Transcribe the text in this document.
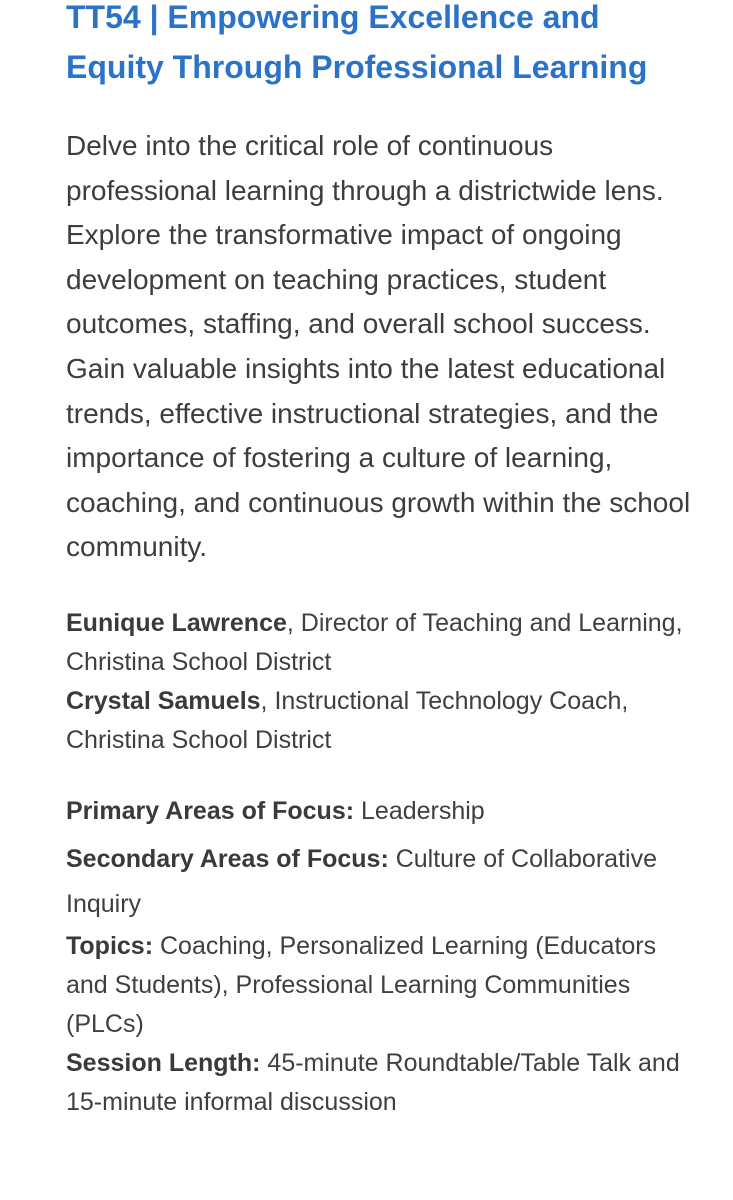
TT54 | Empowering Excellence and Equity Through Professional Learning

Delve into the critical role of continuous professional learning through a districtwide lens. Explore the transformative impact of ongoing development on teaching practices, student outcomes, staffing, and overall school success. Gain valuable insights into the latest educational trends, effective instructional strategies, and the importance of fostering a culture of learning, coaching, and continuous growth within the school community.

Eunique Lawrence, Director of Teaching and Learning, Christina School District
Crystal Samuels, Instructional Technology Coach, Christina School District
Primary Areas of Focus: Leadership
Secondary Areas of Focus: Culture of Collaborative Inquiry
Topics: Coaching, Personalized Learning (Educators and Students), Professional Learning Communities (PLCs)
Session Length: 45-minute Roundtable/Table Talk and 15-minute informal discussion
